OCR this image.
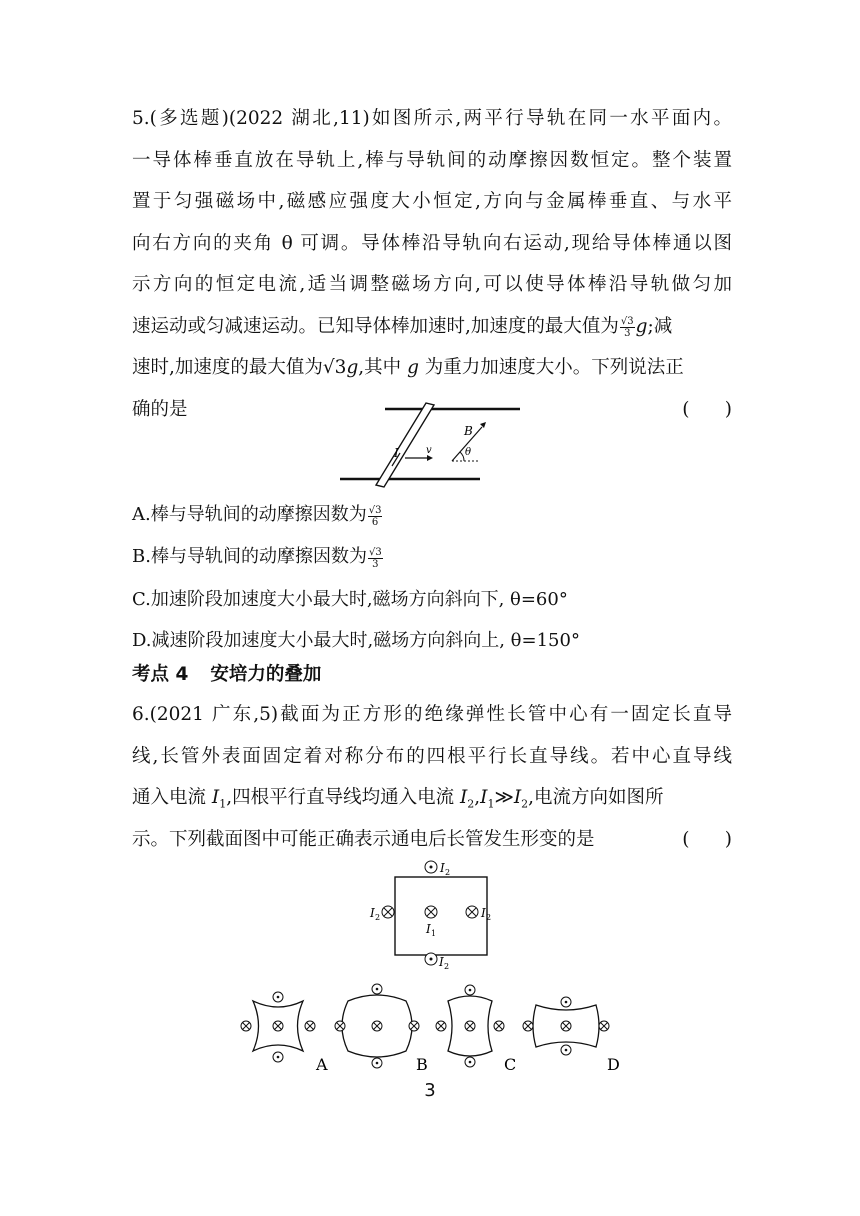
5.(多选题)(2022 湖北,11)如图所示,两平行导轨在同一水平面内。
一导体棒垂直放在导轨上,棒与导轨间的动摩擦因数恒定。整个装置
置于匀强磁场中,磁感应强度大小恒定,方向与金属棒垂直、与水平
向右方向的夹角 θ 可调。导体棒沿导轨向右运动,现给导体棒通以图
示方向的恒定电流,适当调整磁场方向,可以使导体棒沿导轨做匀加
速运动或匀减速运动。已知导体棒加速时,加速度的最大值为 $\frac{√3}{3} g$;减
速时,加速度的最大值为√3g,其中 g 为重力加速度大小。下列说法正
确的是	(      )
I	v
B
θ
A.棒与导轨间的动摩擦因数为 $\frac{√3}{6}$
B.棒与导轨间的动摩擦因数为 $\frac{√3}{3}$
C.加速阶段加速度大小最大时,磁场方向斜向下, θ=60°
D.减速阶段加速度大小最大时,磁场方向斜向上, θ=150°
考点 4 安培力的叠加
6.(2021 广东,5)截面为正方形的绝缘弹性长管中心有一固定长直导
线,长管外表面固定着对称分布的四根平行长直导线。若中心直导线
通入电流 $I_1$,四根平行直导线均通入电流 $I_2,I_1≫I_2$,电流方向如图所
示。下列截面图中可能正确表示通电后长管发生形变的是	(      )
I 2
I 2
I 2	I 2
I 1
A	B	C	D
3
